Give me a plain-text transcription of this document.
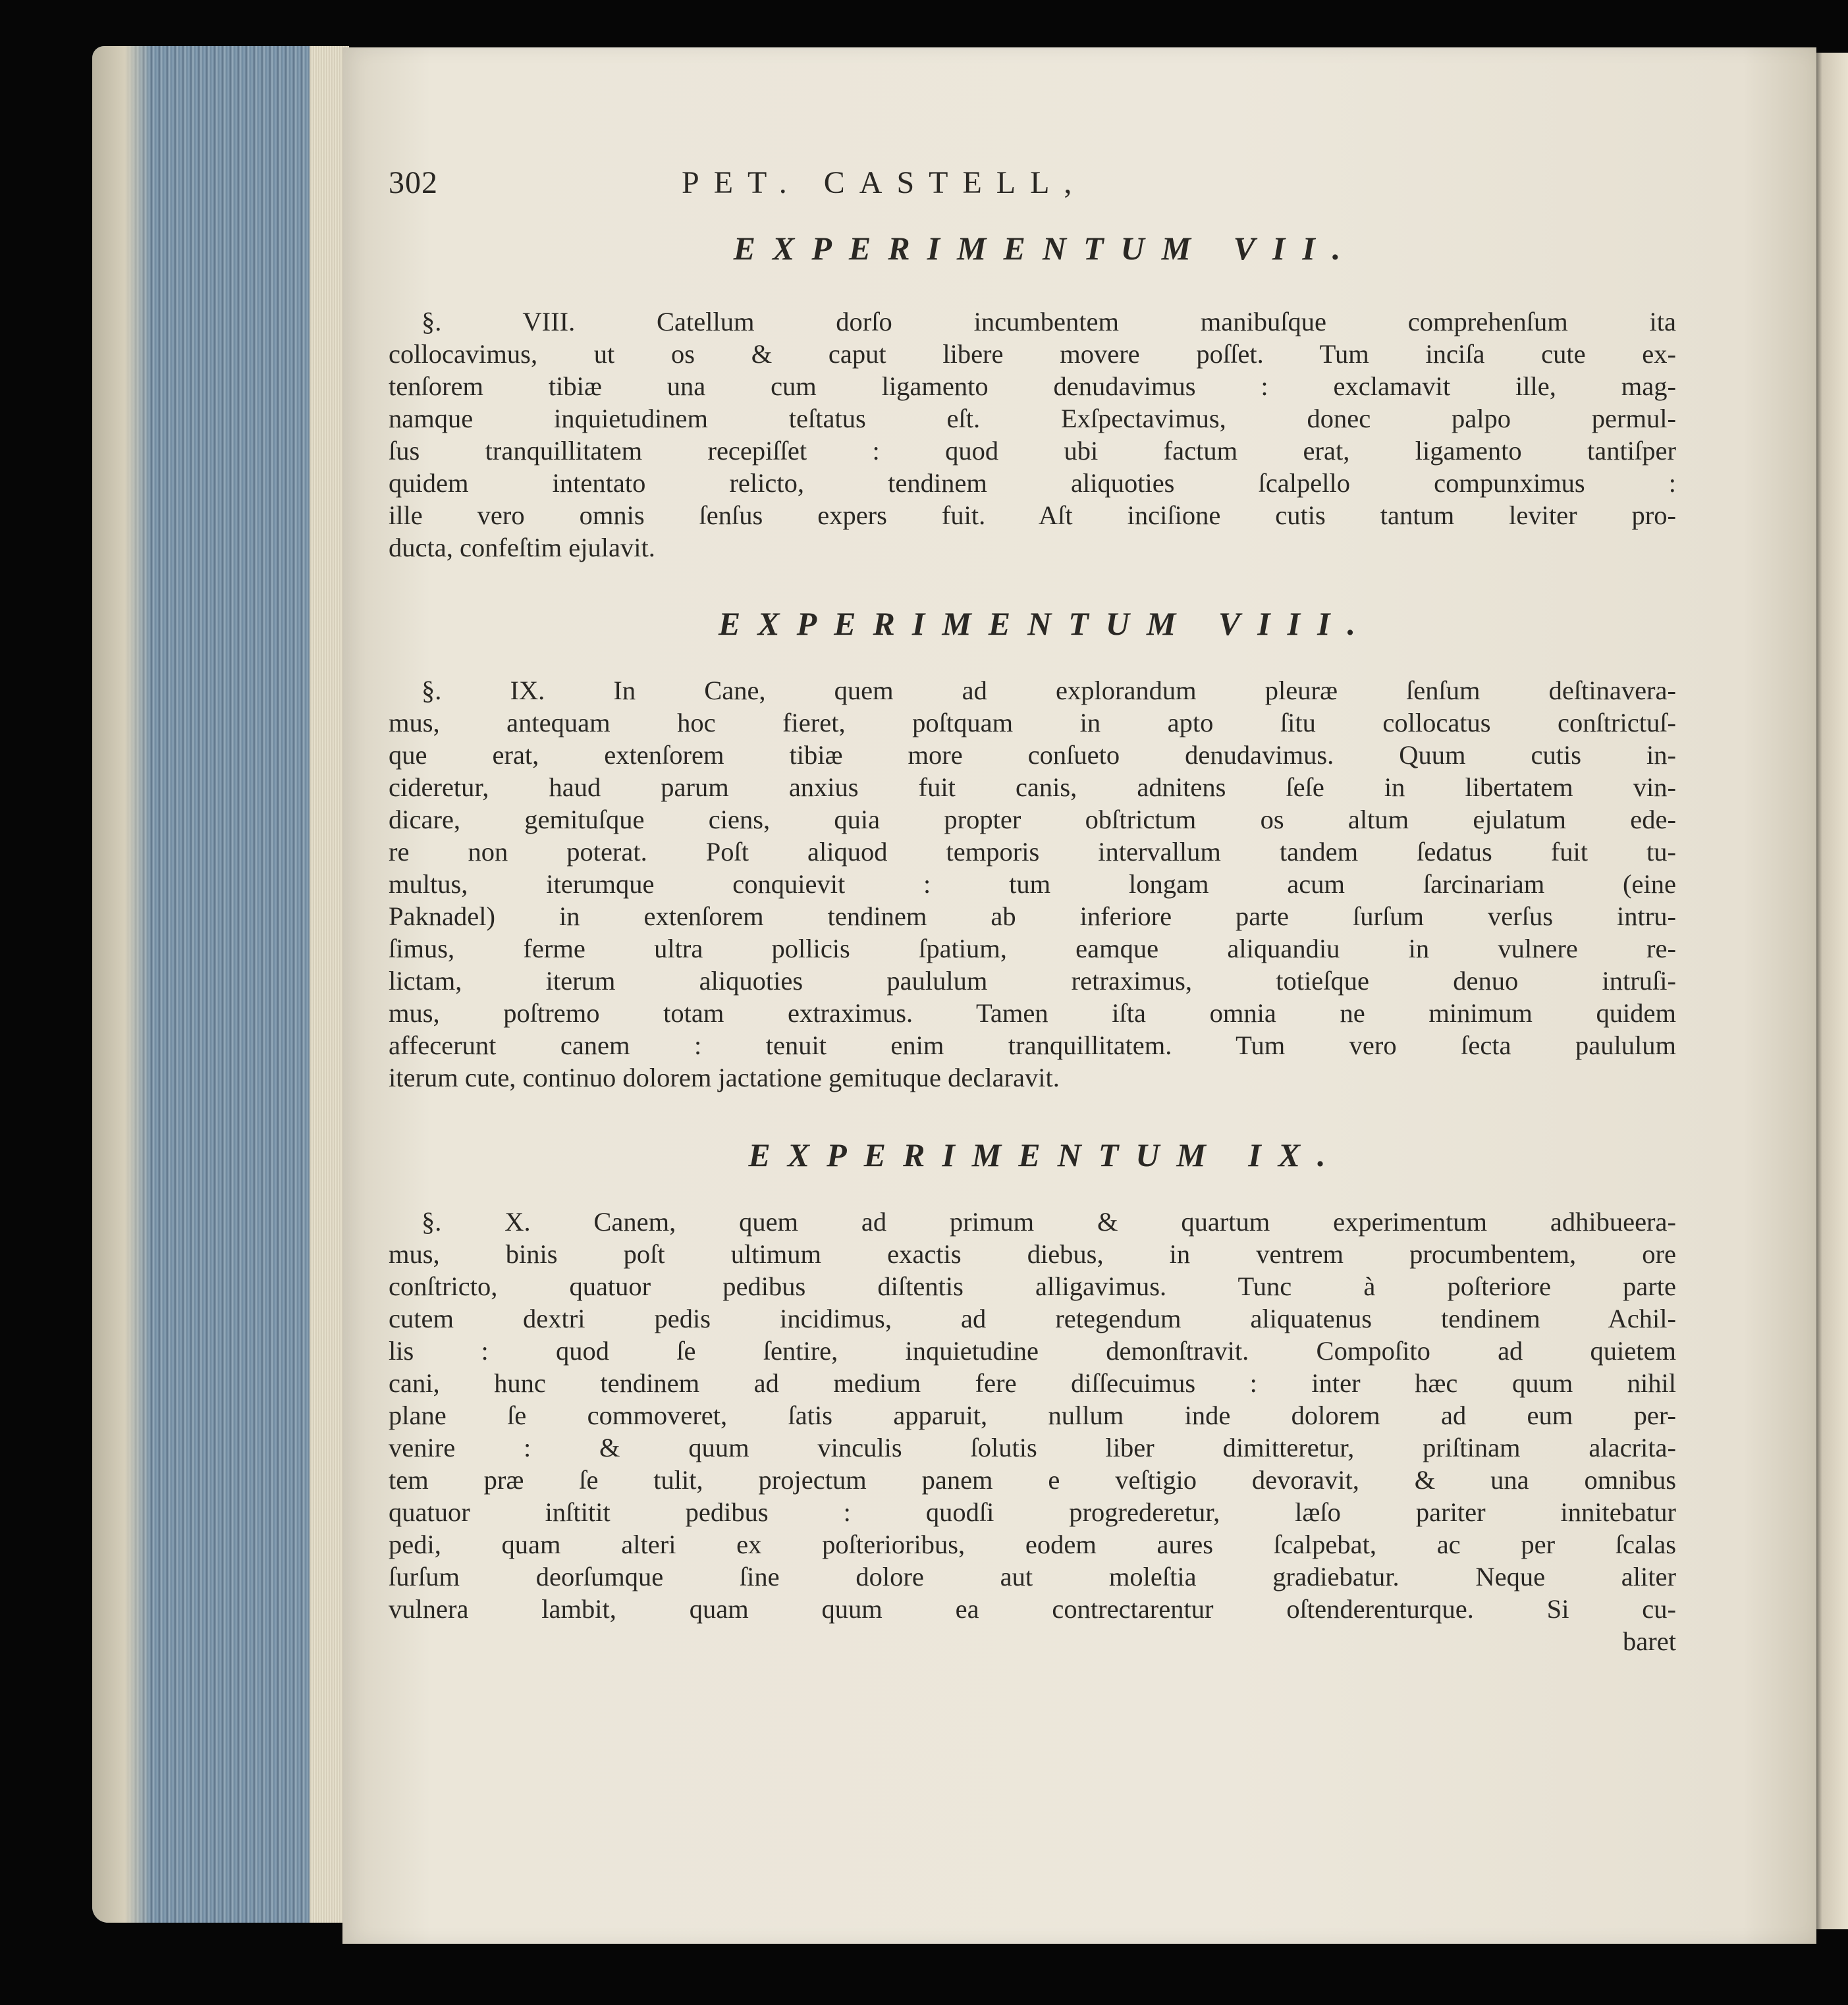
302	PET. CASTELL,
EXPERIMENTUM VII.
§. VIII. Catellum dorſo incumbentem manibuſque comprehenſum ita
collocavimus, ut os & caput libere movere poſſet. Tum inciſa cute ex-
tenſorem tibiæ una cum ligamento denudavimus : exclamavit ille, mag-
namque inquietudinem teſtatus eſt. Exſpectavimus, donec palpo permul-
ſus tranquillitatem recepiſſet : quod ubi factum erat, ligamento tantiſper
quidem intentato relicto, tendinem aliquoties ſcalpello compunximus :
ille vero omnis ſenſus expers fuit. Aſt inciſione cutis tantum leviter pro-
ducta, confeſtim ejulavit.
EXPERIMENTUM VIII.
§. IX. In Cane, quem ad explorandum pleuræ ſenſum deſtinavera-
mus, antequam hoc fieret, poſtquam in apto ſitu collocatus conſtrictuſ-
que erat, extenſorem tibiæ more conſueto denudavimus. Quum cutis in-
cideretur, haud parum anxius fuit canis, adnitens ſeſe in libertatem vin-
dicare, gemituſque ciens, quia propter obſtrictum os altum ejulatum ede-
re non poterat. Poſt aliquod temporis intervallum tandem ſedatus fuit tu-
multus, iterumque conquievit : tum longam acum ſarcinariam (eine
Paknadel) in extenſorem tendinem ab inferiore parte ſurſum verſus intru-
ſimus, ferme ultra pollicis ſpatium, eamque aliquandiu in vulnere re-
lictam, iterum aliquoties paululum retraximus, totieſque denuo intruſi-
mus, poſtremo totam extraximus. Tamen iſta omnia ne minimum quidem
affecerunt canem : tenuit enim tranquillitatem. Tum vero ſecta paululum
iterum cute, continuo dolorem jactatione gemituque declaravit.
EXPERIMENTUM IX.
§. X. Canem, quem ad primum & quartum experimentum adhibueera-
mus, binis poſt ultimum exactis diebus, in ventrem procumbentem, ore
conſtricto, quatuor pedibus diſtentis alligavimus. Tunc à poſteriore parte
cutem dextri pedis incidimus, ad retegendum aliquatenus tendinem Achil-
lis : quod ſe ſentire, inquietudine demonſtravit. Compoſito ad quietem
cani, hunc tendinem ad medium fere diſſecuimus : inter hæc quum nihil
plane ſe commoveret, ſatis apparuit, nullum inde dolorem ad eum per-
venire : & quum vinculis ſolutis liber dimitteretur, priſtinam alacrita-
tem præ ſe tulit, projectum panem e veſtigio devoravit, & una omnibus
quatuor inſtitit pedibus : quodſi progrederetur, læſo pariter innitebatur
pedi, quam alteri ex poſterioribus, eodem aures ſcalpebat, ac per ſcalas
ſurſum deorſumque ſine dolore aut moleſtia gradiebatur. Neque aliter
vulnera lambit, quam quum ea contrectarentur oſtenderenturque. Si cu-

baret
